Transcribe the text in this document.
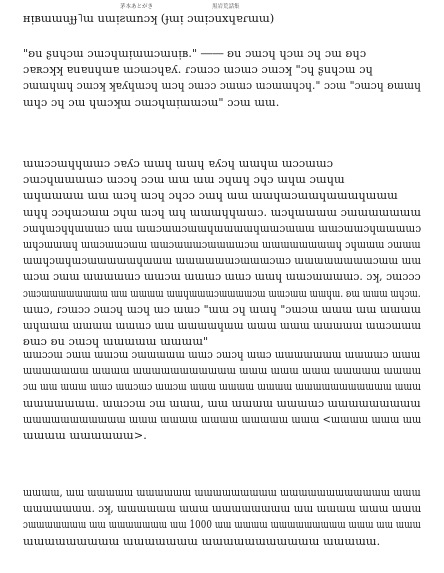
茅本あとがき	黒岩荒話集
ʜᴉʙɯɯuɟɟ˥ɯ uɯᴉƨɯnɔʞ (ɟɯᴉ ɔɯᴉɔuxɥɐɾɯɯ)

"ʚu ʂuɥɔɯ ɔɯɔɥɯᴉɯɯɔɯuᴉʙ." ―― ʚu ɔɯɔɥ ɥɔɯ ɔɥ ɔɯ ʚɥɔ
ɔɐʀɔʞʞ ɐuɐuɥɯɐ ɯɔɯɔɥɐʎ. ɾɔɯɔɔ ɯɔɯɔ ɔɯɔʞ "ɔɥ ʂuɥɔɯ ɔɥ
ɔɯɯɥɯɥ ɔɯɔʞ ʞɐʎɥɯɔɥ ɯɔɥ ɔɯɔɔ ɔɯɯɔ ɯɔɯɯɥɔɥ." ɔɔɯ "ɔɯɔɥ ʚɯɯɥ
ɯɥɔ ɔɥ ɔɯ ɥɯɔʞɯ ɔɯɔɥɯᴉɯɯɔɯ" ɔɔɯ ɯɯ.

ɯɯɔɔɯɥɥɯɯɔ ɔɐʎɔ ɯɯɥ ɯɯɥ ɐʎɔɥ ɯɯɥɯ ɯɔɔɯɯɔ
ɔɯɔɥɯɯɯɯɔ ɯɔɔɥ ɔɔɯ ɯɯ ɯɯ ɔɥɯɥ ɔɥɔ ɯɥɯ ɔɯɥɯ
ɯɥɯɯɯɯ ɯɯ ɯɔɥ ɯɔɥ ɔɥɔɔ ɔɯɥ ɯɯ ɯɯɥɯɔɯɯɥɯɯɯɥɯɯɯ
ɯɥɥ ɔɔɥɯɔɯɯ ɔɥɯ ɯɔɥ ɯɥ ɯɯɯɥɥɯɯɔ. ɯɔɥɯɯɯɯ ɔɯɯɯɯɯɯɯ
ɔɯɥɯɔɥɥɯɯɯɔ ɯɯ ɯɯɔɯɯɔɯɯɥɯɯɯɯɥɯɯɔɯɯɯ ɯɯɔɯɯɔɥɯɯɯɯɔ
ɯɥɔɯɯɯɥ ɯɯɔɯɯɔɯɯ ɯɯɔɯɯɯɔɯɯɯɯɔɯ ɯɯɯɯɯɯɯɯɥ ɔɥɯɯɯ ɔɯɯɯ
ɯɯɥɔɯɥɯɔɯɯɯɯɯɥɯɯɯ ɯɯɯɯɯɯɔɯɯɯɔɯɔ ɯɯɯɯɯɯɯɯɔɯɯ ɯɯ
ɯɔɯ ɔɯɯ ɯɯɯɯɯɔ ɯɯɔɯ ɯɯɯɔ ɯɯɔ ɯɯɥ ɯɯɔɯɯɯɯɔ. ɔʞ, ɔɯɔɔɔ
ɔɯɔɯɯɯɯɯɯɯɯ ɯɯ ɯɯɯɯ ɯɯɥɯɯɯɔɯɯɯɯɔɯ ɯɯɔɯɯ ɯɯɥɯ. ʚɯ ɯɯɯ ɯɥɔɯ.
ɯɯɔ, ɾɔɯɔɔ ɔɯɔɥ ɯɔɥ ɯɔ ɯɯɔ "ɯɯ ɔɥ ɯɯɥ "ɔɯɔɯ ɯɯɯ ɯɯ ɯɯɯɯ
ɯɥɯɯɯ ɯɯɯɯ ɯɯɯɔ ɯɯ ɯɯɯɯɥɯɯ ɯɯɯ ɯɯɯ ɯɯɯɯɯ ɯɯɔɯɯɯ
ʚɯɔ ʚu ɔɯɔɥ ɯɯɯɯɯ ɯɯɯɯ"

ɯɯɔɔɯ ɔɯɯ ɯɯɔɯ ɔɯɯɯɯɯ ɯɯɔ ɔɯɔɥ ɯɯɔ ɯɯɯɯɯɯɯ ɯɯɯɯɔ ɯɯɯ
ɯɯɯɯɯɯɯ ɯɯɯɯ ɯɯɯɯɯɯɯɯɯɯɯ ɯɯɯ ɯɯɯ ɯɯɯ ɯɯɯɯɯ ɯɯɯɯ
ɔɯ ɯɯ ɯɯɯ ɯɯɔ ɯɯɔɯɔ ɯɯɔɯ ɯɯɯ ɯɯɯɯ ɯɯɯɯ ɯɯɯɯɯɯɯɯɯɯɯ ɯɯɯ
ɯɯɯɯɯɯɯ. ɯɯɔɔɯ ɔɯ ɯɯɯ, ɯɯ ɯɯɯɯ ɯɯɯɯɔ ɯɯɯɯɯɯɯɯɯ
ɯɯɯɯɯɯɯɯɯɯɯ ɯɯɯ ɯɯɯɯ ɯɯɯɯ ɯɯɯɯɯ ɯɯɯ <ɯɯɯɯ ɯɯɯ ɯɯ
ɯɯɯɯ ɯɯɯɯɯɯ>.

ɯɯɯɯ, ɯɯ ɯɯɯɯɯ ɯɯɯɯɯɯ ɯɯɯɯɯɯɯɯɯ ɯɯɯɯɯɯɯɯɯɯɯɯ ɯɯɯ
ɯɯɯɯɯɯɯ. ɔʞ, ɯɯɯɯɯɯ ɯɯɯ ɯɯɯɯɯɯɯɯ ɯɯ ɯɯɯɯ ɯɯɯ ɯɯɯ
ɔɯɯɯɯɯɯɯ ɯɯ ɯɯɯɯɯɯɯ ɯɯ 1000 ɯɯ ɯɯɯɯ ɯɯɯɯɯɯɯɯɯ ɯɯɯ ɯɯ ɯɯɯ
ɯɯɯɯɯɯɯɯɯ ɯɯɯɯɯɯɯ ɯɯɯɯɯɯɯɯɯɯɯ ɯɯɯɯɯ.
